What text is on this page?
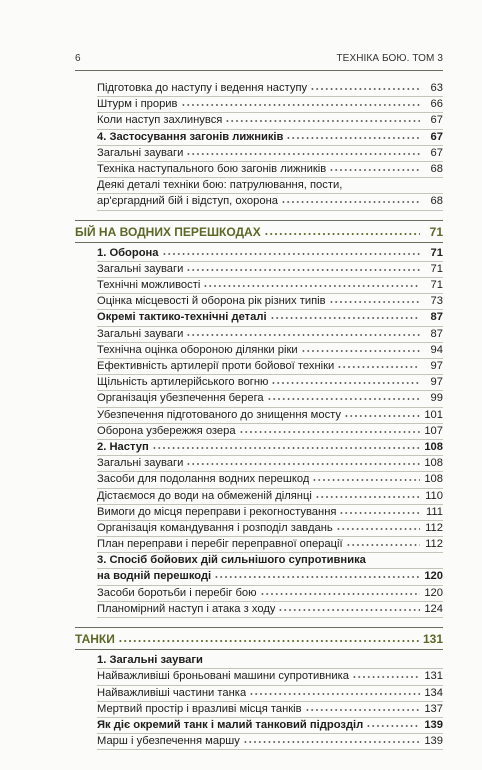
6	ТЕХНІКА БОЮ. ТОМ 3
Підготовка до наступу і ведення наступу	63
Штурм і прорив	66
Коли наступ захлинувся	67
4. Застосування загонів лижників	67
Загальні зауваги	67
Техніка наступального бою загонів лижників	68
Деякі деталі техніки бою: патрулювання, пости,
ар'єргардний бій і відступ, охорона	68
БІЙ НА ВОДНИХ ПЕРЕШКОДАХ	71
1. Оборона	71
Загальні зауваги	71
Технічні можливості	71
Оцінка місцевості й оборона рік різних типів	73
Окремі тактико-технічні деталі	87
Загальні зауваги	87
Технічна оцінка обороною ділянки ріки	94
Ефективність артилерії проти бойової техніки	97
Щільність артилерійського вогню	97
Організація убезпечення берега	99
Убезпечення підготованого до знищення мосту	101
Оборона узбережжя озера	107
2. Наступ	108
Загальні зауваги	108
Засоби для подолання водних перешкод	108
Дістаємося до води на обмеженій ділянці	110
Вимоги до місця переправи і рекогностування	111
Організація командування і розподіл завдань	112
План переправи і перебіг переправної операції	112
3. Спосіб бойових дій сильнішого супротивника
на водній перешкоді	120
Засоби боротьби і перебіг бою	120
Планомірний наступ і атака з ходу	124
ТАНКИ	131
1. Загальні зауваги
Найважливіші броньовані машини супротивника	131
Найважливіші частини танка	134
Мертвий простір і вразливі місця танків	137
Як діє окремий танк і малий танковий підрозділ	139
Марш і убезпечення маршу	139
